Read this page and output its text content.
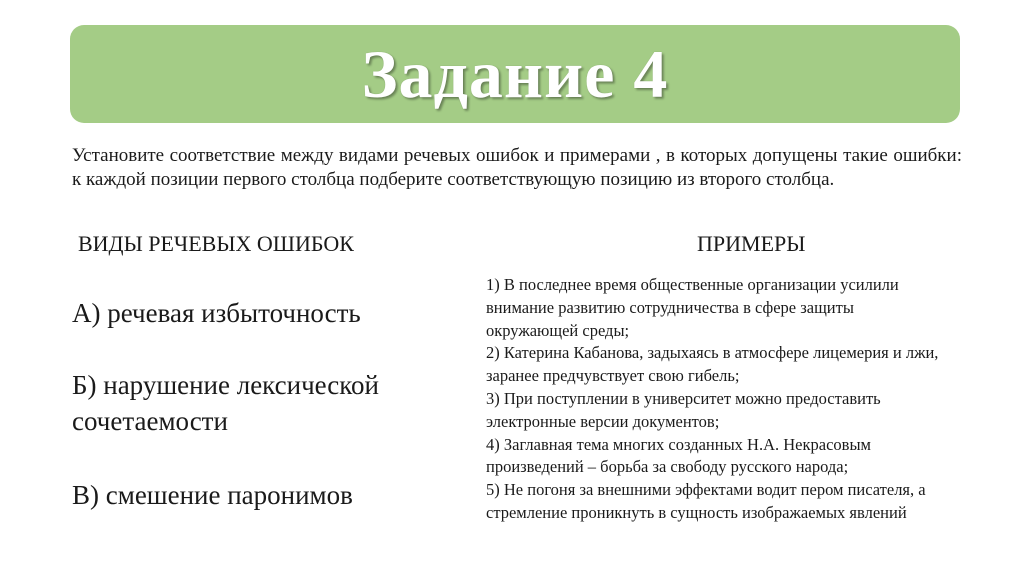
Задание 4
Установите соответствие между видами речевых ошибок и примерами , в которых допущены такие ошибки: к каждой позиции первого столбца подберите соответствующую позицию из второго столбца.
ВИДЫ РЕЧЕВЫХ ОШИБОК	ПРИМЕРЫ
А) речевая избыточность
Б) нарушение лексической
сочетаемости
В) смешение паронимов
1) В последнее время общественные организации усилили
внимание развитию сотрудничества в сфере защиты
окружающей среды;
2) Катерина Кабанова, задыхаясь в атмосфере лицемерия и лжи,
заранее предчувствует свою гибель;
3) При поступлении в университет можно предоставить
электронные версии документов;
4) Заглавная тема многих созданных Н.А. Некрасовым
произведений – борьба за свободу русского народа;
5) Не погоня за внешними эффектами водит пером писателя, а
стремление проникнуть в сущность изображаемых явлений
